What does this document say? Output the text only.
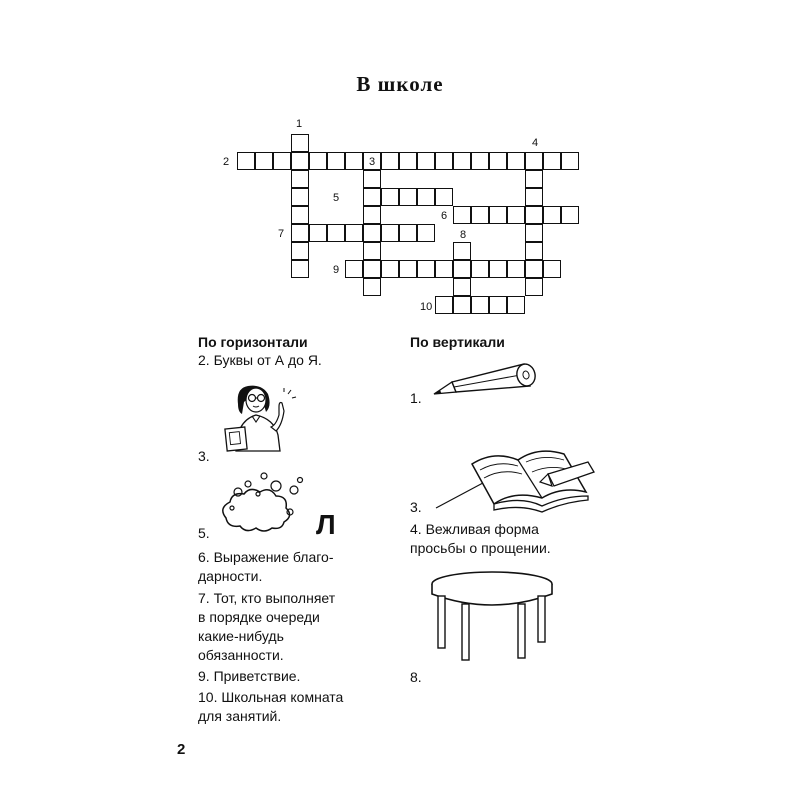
В школе
1
2	3
4
5
6
7	8
9
10
По горизонтали
2. Буквы от А до Я.
3.
Л
5.
6. Выражение благо-
дарности.
7. Тот, кто выполняет
в порядке очереди
какие-нибудь
обязанности.
9. Приветствие.
10. Школьная комната
для занятий.
По вертикали
1.
3.
4. Вежливая форма
просьбы о прощении.
8.
2
